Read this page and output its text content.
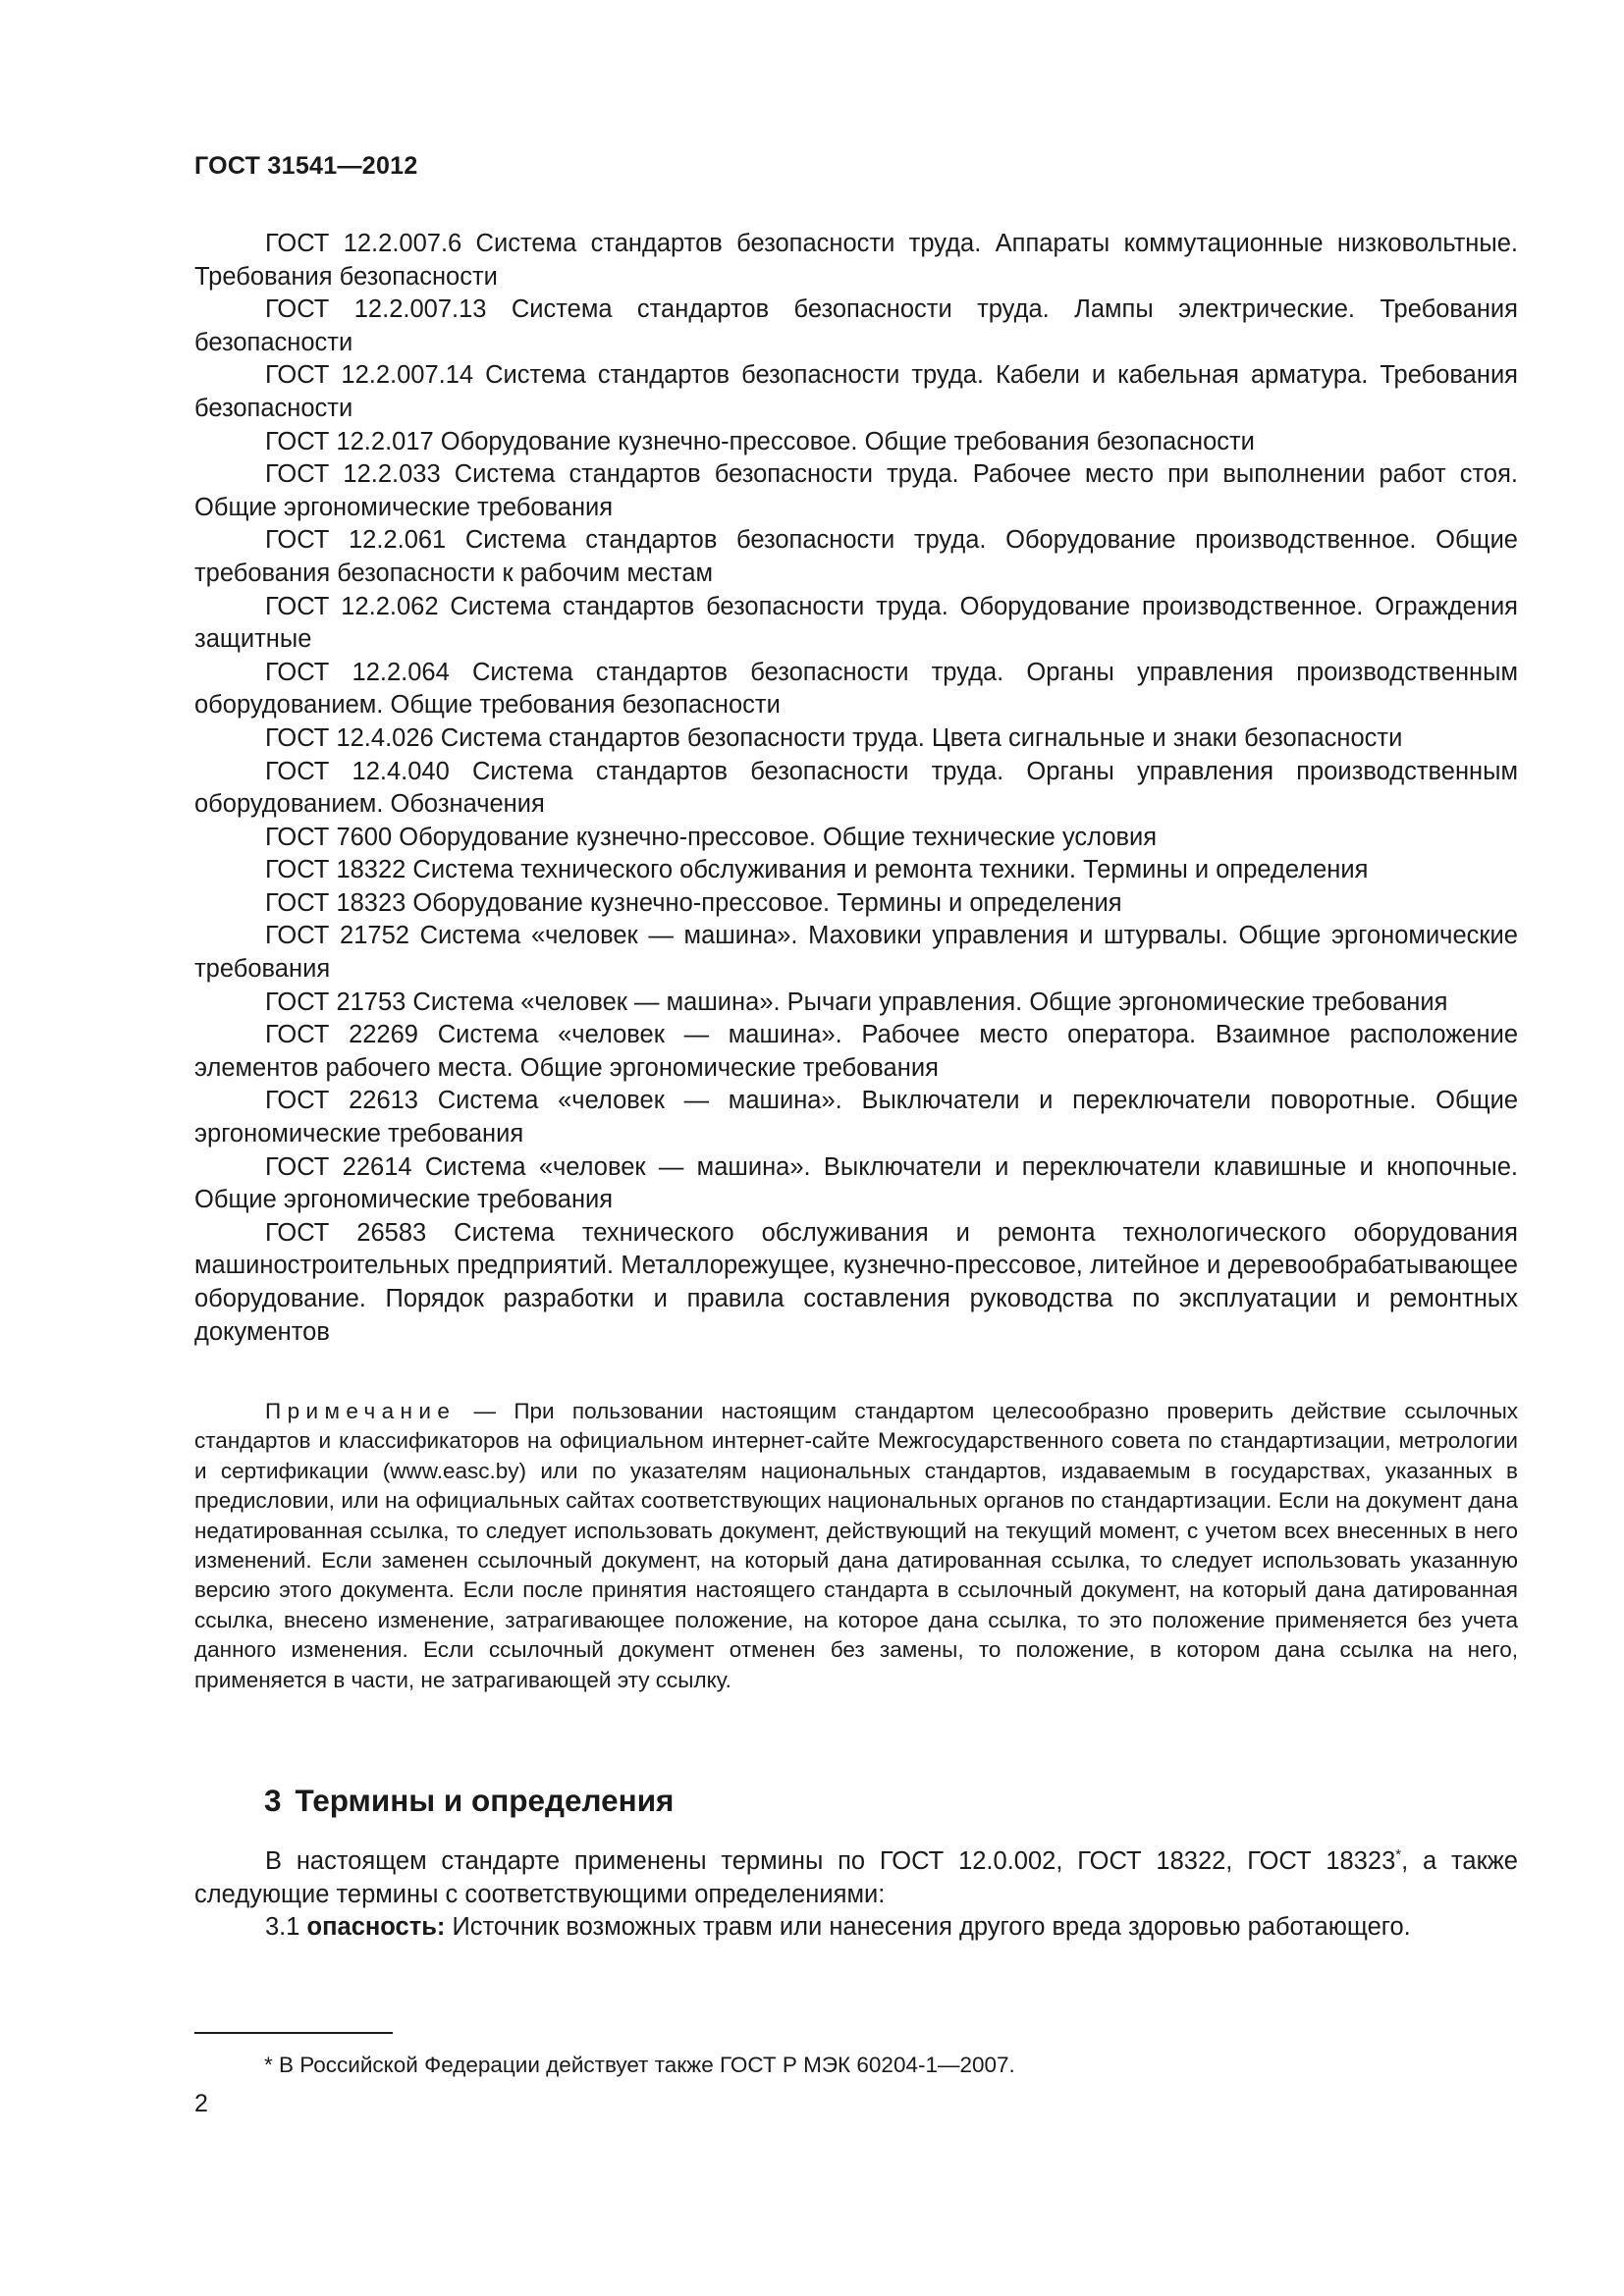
ГОСТ 31541—2012

ГОСТ 12.2.007.6 Система стандартов безопасности труда. Аппараты коммутационные низковольтные. Требования безопасности

ГОСТ 12.2.007.13 Система стандартов безопасности труда. Лампы электрические. Требования безопасности

ГОСТ 12.2.007.14 Система стандартов безопасности труда. Кабели и кабельная арматура. Требования безопасности

ГОСТ 12.2.017 Оборудование кузнечно-прессовое. Общие требования безопасности

ГОСТ 12.2.033 Система стандартов безопасности труда. Рабочее место при выполнении работ стоя. Общие эргономические требования

ГОСТ 12.2.061 Система стандартов безопасности труда. Оборудование производственное. Общие требования безопасности к рабочим местам

ГОСТ 12.2.062 Система стандартов безопасности труда. Оборудование производственное. Ограждения защитные

ГОСТ 12.2.064 Система стандартов безопасности труда. Органы управления производственным оборудованием. Общие требования безопасности

ГОСТ 12.4.026 Система стандартов безопасности труда. Цвета сигнальные и знаки безопасности

ГОСТ 12.4.040 Система стандартов безопасности труда. Органы управления производственным оборудованием. Обозначения

ГОСТ 7600 Оборудование кузнечно-прессовое. Общие технические условия

ГОСТ 18322 Система технического обслуживания и ремонта техники. Термины и определения

ГОСТ 18323 Оборудование кузнечно-прессовое. Термины и определения

ГОСТ 21752 Система «человек — машина». Маховики управления и штурвалы. Общие эргономические требования

ГОСТ 21753 Система «человек — машина». Рычаги управления. Общие эргономические требования

ГОСТ 22269 Система «человек — машина». Рабочее место оператора. Взаимное расположение элементов рабочего места. Общие эргономические требования

ГОСТ 22613 Система «человек — машина». Выключатели и переключатели поворотные. Общие эргономические требования

ГОСТ 22614 Система «человек — машина». Выключатели и переключатели клавишные и кнопочные. Общие эргономические требования

ГОСТ 26583 Система технического обслуживания и ремонта технологического оборудования машиностроительных предприятий. Металлорежущее, кузнечно-прессовое, литейное и деревообрабатывающее оборудование. Порядок разработки и правила составления руководства по эксплуатации и ремонтных документов

Примечание — При пользовании настоящим стандартом целесообразно проверить действие ссылочных стандартов и классификаторов на официальном интернет-сайте Межгосударственного совета по стандартизации, метрологии и сертификации (www.easc.by) или по указателям национальных стандартов, издаваемым в государствах, указанных в предисловии, или на официальных сайтах соответствующих национальных органов по стандартизации. Если на документ дана недатированная ссылка, то следует использовать документ, действующий на текущий момент, с учетом всех внесенных в него изменений. Если заменен ссылочный документ, на который дана датированная ссылка, то следует использовать указанную версию этого документа. Если после принятия настоящего стандарта в ссылочный документ, на который дана датированная ссылка, внесено изменение, затрагивающее положение, на которое дана ссылка, то это положение применяется без учета данного изменения. Если ссылочный документ отменен без замены, то положение, в котором дана ссылка на него, применяется в части, не затрагивающей эту ссылку.

3 Термины и определения

В настоящем стандарте применены термины по ГОСТ 12.0.002, ГОСТ 18322, ГОСТ 18323*, а также следующие термины с соответствующими определениями:

3.1 опасность: Источник возможных травм или нанесения другого вреда здоровью работающего.

* В Российской Федерации действует также ГОСТ Р МЭК 60204-1—2007.

2
